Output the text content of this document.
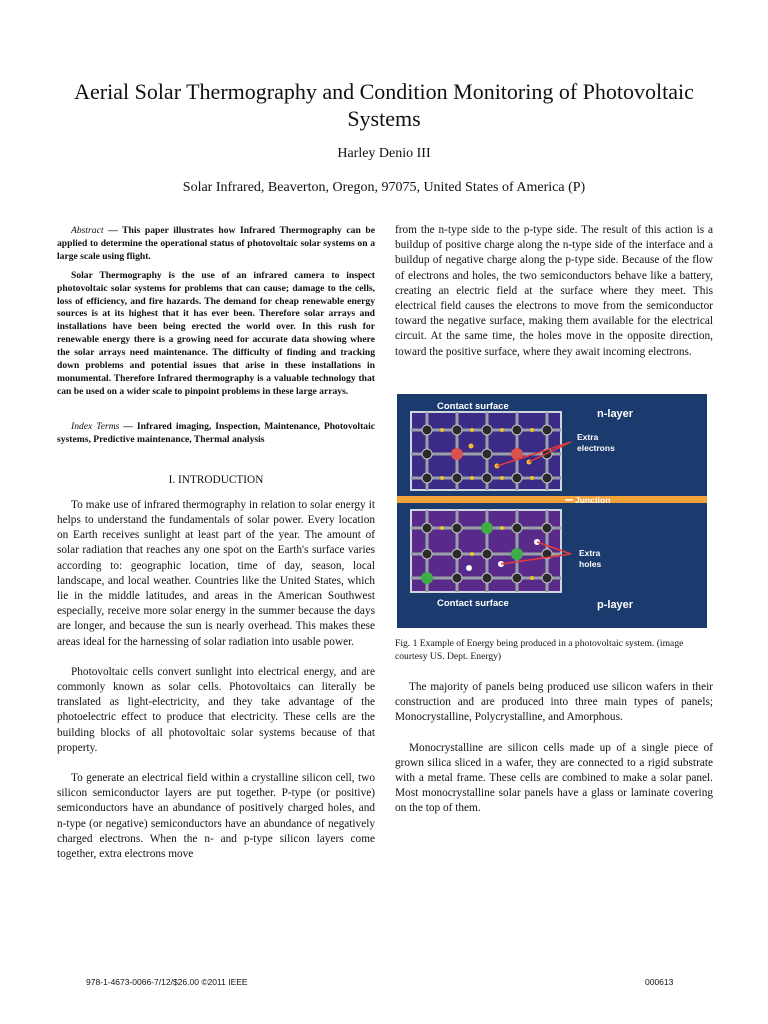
Aerial Solar Thermography and Condition Monitoring of Photovoltaic Systems
Harley Denio III
Solar Infrared, Beaverton, Oregon, 97075, United States of America (P)
Abstract — This paper illustrates how Infrared Thermography can be applied to determine the operational status of photovoltaic solar systems on a large scale using flight.
Solar Thermography is the use of an infrared camera to inspect photovoltaic solar systems for problems that can cause; damage to the cells, loss of efficiency, and fire hazards. The demand for cheap renewable energy sources is at its highest that it has ever been. Therefore solar arrays and installations have been being erected the world over. In this rush for renewable energy there is a growing need for accurate data showing where the solar arrays need maintenance. The difficulty of finding and tracking down problems and potential issues that arise in these installations in monumental. Therefore Infrared thermography is a valuable technology that can be used on a wider scale to pinpoint problems in these large arrays.
Index Terms — Infrared imaging, Inspection, Maintenance, Photovoltaic systems, Predictive maintenance, Thermal analysis
I. INTRODUCTION

To make use of infrared thermography in relation to solar energy it helps to understand the fundamentals of solar power. Every location on Earth receives sunlight at least part of the year. The amount of solar radiation that reaches any one spot on the Earth's surface varies according to: geographic location, time of day, season, local landscape, and local weather. Countries like the United States, which lie in the middle latitudes, and areas in the American Southwest especially, receive more solar energy in the summer because the days are longer, and because the sun is nearly overhead. This makes these areas ideal for the harnessing of solar radiation into usable power.

Photovoltaic cells convert sunlight into electrical energy, and are commonly known as solar cells. Photovoltaics can literally be translated as light-electricity, and they take advantage of the photoelectric effect to produce that electricity. These cells are the building blocks of all photovoltaic solar systems because of that property.

To generate an electrical field within a crystalline silicon cell, two silicon semiconductor layers are put together. P-type (or positive) semiconductors have an abundance of positively charged holes, and n-type (or negative) semiconductors have an abundance of negatively charged electrons. When the n- and p-type silicon layers come together, extra electrons move

from the n-type side to the p-type side. The result of this action is a buildup of positive charge along the n-type side of the interface and a buildup of negative charge along the p-type side. Because of the flow of electrons and holes, the two semiconductors behave like a battery, creating an electric field at the surface where they meet. This electrical field causes the electrons to move from the semiconductor toward the negative surface, making them available for the electrical circuit. At the same time, the holes move in the opposite direction, toward the positive surface, where they await incoming electrons.

Contact surface
n-layer
Extra
electrons
Junction
Extra
holes
Contact surface	p-layer
Fig. 1 Example of Energy being produced in a photovoltaic system. (image courtesy US. Dept. Energy)

The majority of panels being produced use silicon wafers in their construction and are produced into three main types of panels; Monocrystalline, Polycrystalline, and Amorphous.

Monocrystalline are silicon cells made up of a single piece of grown silica sliced in a wafer, they are connected to a rigid substrate with a metal frame. These cells are combined to make a solar panel. Most monocrystalline solar panels have a glass or laminate covering on the top of them.

978-1-4673-0066-7/12/$26.00 ©2011 IEEE	000613
